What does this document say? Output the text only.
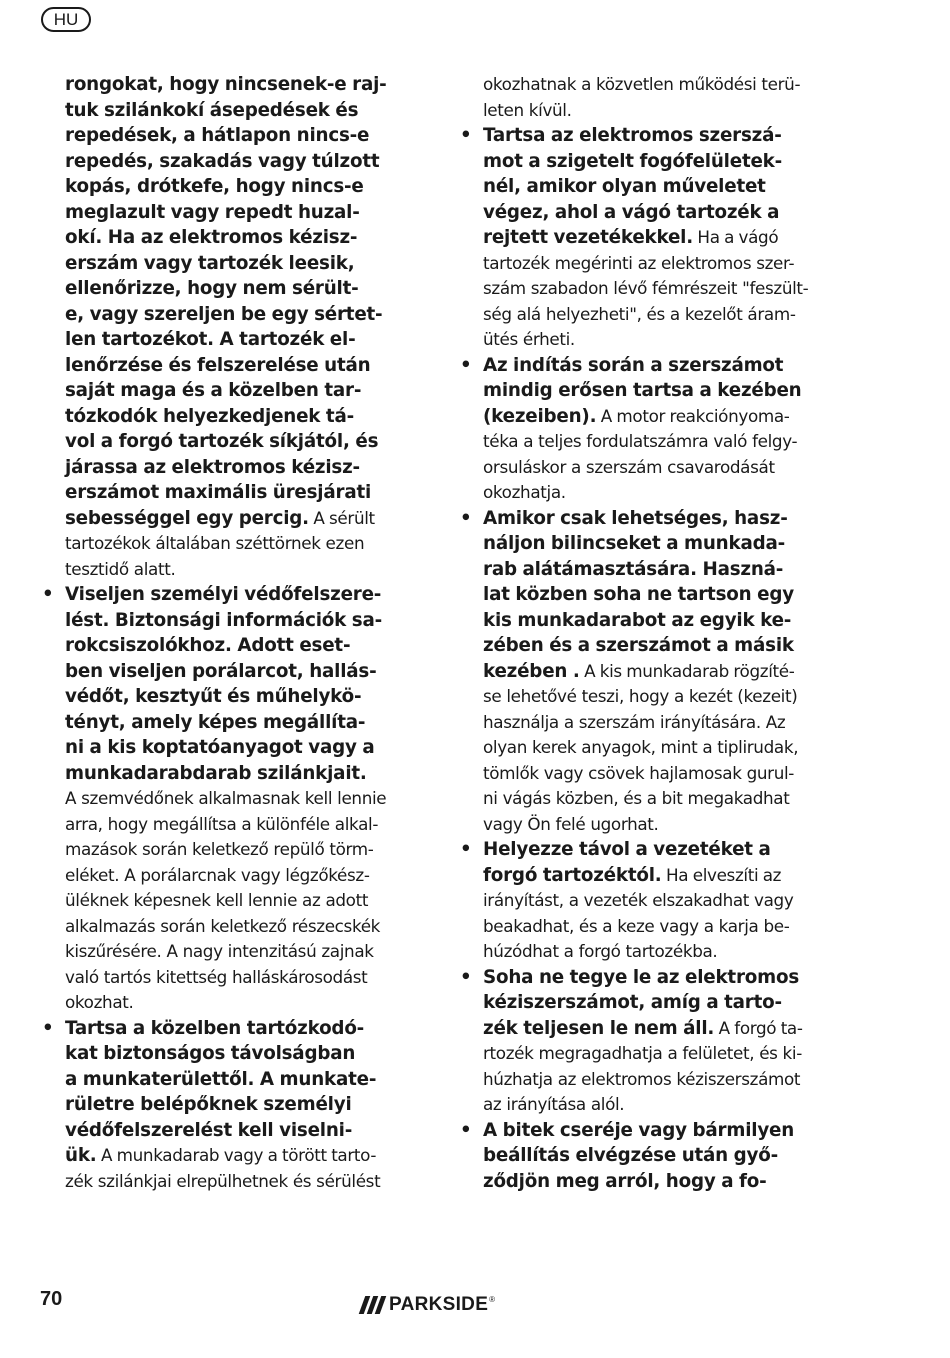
HU
rongokat, hogy nincsenek-e raj-
tuk szilánkokí ásepedések és
repedések, a hátlapon nincs-e
repedés, szakadás vagy túlzott
kopás, drótkefe, hogy nincs-e
meglazult vagy repedt huzal-
okí. Ha az elektromos kézisz-
erszám vagy tartozék leesik,
ellenőrizze, hogy nem sérült-
e, vagy szereljen be egy sértet-
len tartozékot. A tartozék el-
lenőrzése és felszerelése után
saját maga és a közelben tar-
tózkodók helyezkedjenek tá-
vol a forgó tartozék síkjától, és
járassa az elektromos kézisz-
erszámot maximális üresjárati
sebességgel egy percig. A sérült
tartozékok általában széttörnek ezen
tesztidő alatt.
• Viseljen személyi védőfelszere-
lést. Biztonsági információk sa-
rokcsiszolókhoz. Adott eset-
ben viseljen porálarcot, hallás-
védőt, kesztyűt és műhelykö-
tényt, amely képes megállíta-
ni a kis koptatóanyagot vagy a
munkadarabdarab szilánkjait.
A szemvédőnek alkalmasnak kell lennie
arra, hogy megállítsa a különféle alkal-
mazások során keletkező repülő törm-
eléket. A porálarcnak vagy légzőkész-
üléknek képesnek kell lennie az adott
alkalmazás során keletkező részecskék
kiszűrésére. A nagy intenzitású zajnak
való tartós kitettség halláskárosodást
okozhat.
• Tartsa a közelben tartózkodó-
kat biztonságos távolságban
a munkaterülettől. A munkate-
rületre belépőknek személyi
védőfelszerelést kell viselni-
ük. A munkadarab vagy a törött tarto-
zék szilánkjai elrepülhetnek és sérülést
okozhatnak a közvetlen működési terü-
leten kívül.
• Tartsa az elektromos szerszá-
mot a szigetelt fogófelületek-
nél, amikor olyan műveletet
végez, ahol a vágó tartozék a
rejtett vezetékekkel. Ha a vágó
tartozék megérinti az elektromos szer-
szám szabadon lévő fémrészeit "feszült-
ség alá helyezheti", és a kezelőt áram-
ütés érheti.
• Az indítás során a szerszámot
mindig erősen tartsa a kezében
(kezeiben). A motor reakciónyoma-
téka a teljes fordulatszámra való felgy-
orsuláskor a szerszám csavarodását
okozhatja.
• Amikor csak lehetséges, hasz-
náljon bilincseket a munkada-
rab alátámasztására. Haszná-
lat közben soha ne tartson egy
kis munkadarabot az egyik ke-
zében és a szerszámot a másik
kezében . A kis munkadarab rögzíté-
se lehetővé teszi, hogy a kezét (kezeit)
használja a szerszám irányítására. Az
olyan kerek anyagok, mint a tiplirudak,
tömlők vagy csövek hajlamosak gurul-
ni vágás közben, és a bit megakadhat
vagy Ön felé ugorhat.
• Helyezze távol a vezetéket a
forgó tartozéktól. Ha elveszíti az
irányítást, a vezeték elszakadhat vagy
beakadhat, és a keze vagy a karja be-
húzódhat a forgó tartozékba.
• Soha ne tegye le az elektromos
kéziszerszámot, amíg a tarto-
zék teljesen le nem áll. A forgó ta-
rtozék megragadhatja a felületet, és ki-
húzhatja az elektromos kéziszerszámot
az irányítása alól.
• A bitek cseréje vagy bármilyen
beállítás elvégzése után győ-
ződjön meg arról, hogy a fo-
70	PARKSIDE ®
